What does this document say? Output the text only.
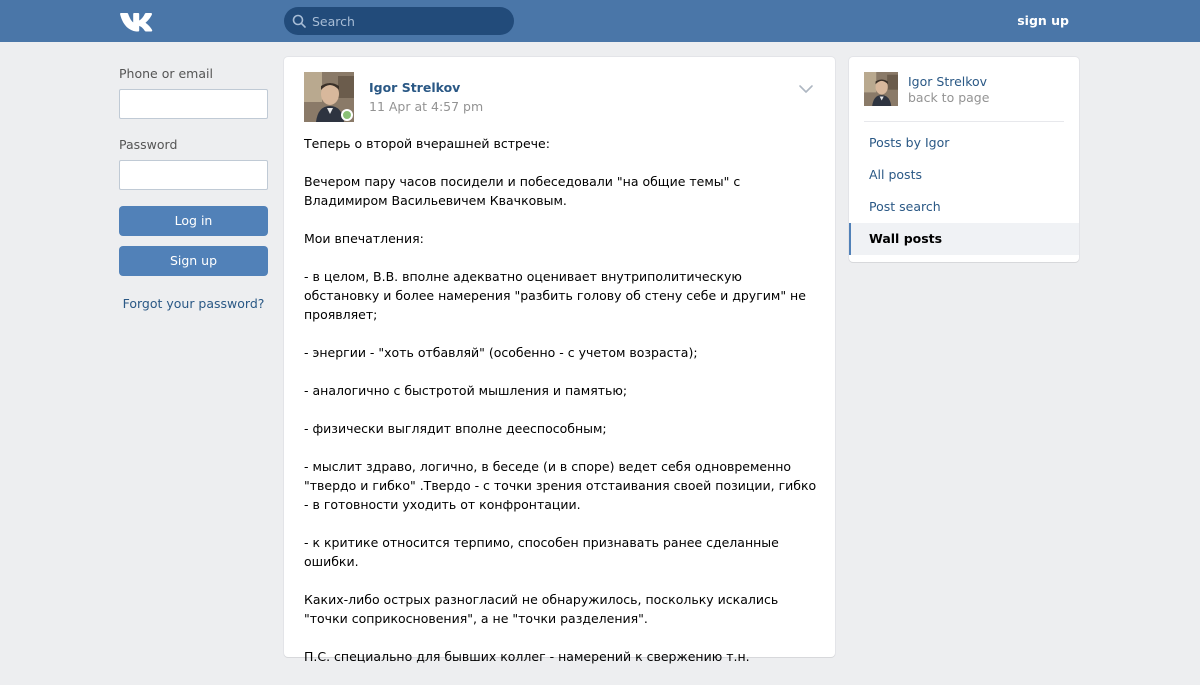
Search
sign up
Phone or email
Password
Log in
Sign up
Forgot your password?
Igor Strelkov
11 Apr at 4:57 pm

Теперь о второй вчерашней встрече:

Вечером пару часов посидели и побеседовали "на общие темы" с Владимиром Васильевичем Квачковым.

Мои впечатления:

- в целом, В.В. вполне адекватно оценивает внутриполитическую обстановку и более намерения "разбить голову об стену себе и другим" не проявляет;

- энергии - "хоть отбавляй" (особенно - с учетом возраста);

- аналогично с быстротой мышления и памятью;

- физически выглядит вполне дееспособным;

- мыслит здраво, логично, в беседе (и в споре) ведет себя одновременно "твердо и гибко" .Твердо - с точки зрения отстаивания своей позиции, гибко - в готовности уходить от конфронтации.

- к критике относится терпимо, способен признавать ранее сделанные ошибки.

Каких-либо острых разногласий не обнаружилось, поскольку искались "точки соприкосновения", а не "точки разделения".

П.С. специально для бывших коллег - намерений к свержению т.н.

Igor Strelkov
back to page
Posts by Igor
All posts
Post search
Wall posts
